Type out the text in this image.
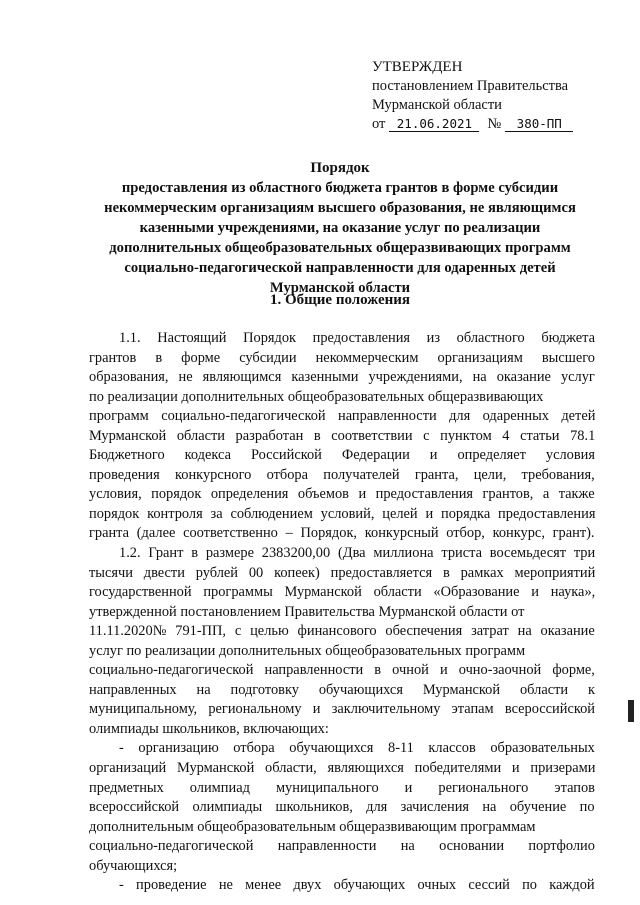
УТВЕРЖДЕН
постановлением Правительства
Мурманской области
от 21.06.2021	№	380-ПП
Порядок
предоставления из областного бюджета грантов в форме субсидии
некоммерческим организациям высшего образования, не являющимся
казенными учреждениями, на оказание услуг по реализации
дополнительных общеобразовательных общеразвивающих программ
социально-педагогической направленности для одаренных детей
Мурманской области
1. Общие положения
1.1. Настоящий Порядок предоставления из областного бюджета
грантов в форме субсидии некоммерческим организациям высшего
образования, не являющимся казенными учреждениями, на оказание услуг
по реализации дополнительных общеобразовательных общеразвивающих
программ социально-педагогической направленности для одаренных детей
Мурманской области разработан в соответствии с пунктом 4 статьи 78.1
Бюджетного кодекса Российской Федерации и определяет условия
проведения конкурсного отбора получателей гранта, цели, требования,
условия, порядок определения объемов и предоставления грантов, а также
порядок контроля за соблюдением условий, целей и порядка предоставления
гранта (далее соответственно – Порядок, конкурсный отбор, конкурс, грант).
1.2. Грант в размере 2383200,00 (Два миллиона триста восемьдесят три
тысячи двести рублей 00 копеек) предоставляется в рамках мероприятий
государственной программы Мурманской области «Образование и наука»,
утвержденной постановлением Правительства Мурманской области от
11.11.2020№ 791-ПП, с целью финансового обеспечения затрат на оказание
услуг по реализации дополнительных общеобразовательных программ
социально-педагогической направленности в очной и очно-заочной форме,
направленных на подготовку обучающихся Мурманской области к
муниципальному, региональному и заключительному этапам всероссийской
олимпиады школьников, включающих:
- организацию отбора обучающихся 8-11 классов образовательных
организаций Мурманской области, являющихся победителями и призерами
предметных олимпиад муниципального и регионального этапов
всероссийской олимпиады школьников, для зачисления на обучение по
дополнительным общеобразовательным общеразвивающим программам
социально-педагогической направленности на основании портфолио
обучающихся;
- проведение не менее двух обучающих очных сессий по каждой
